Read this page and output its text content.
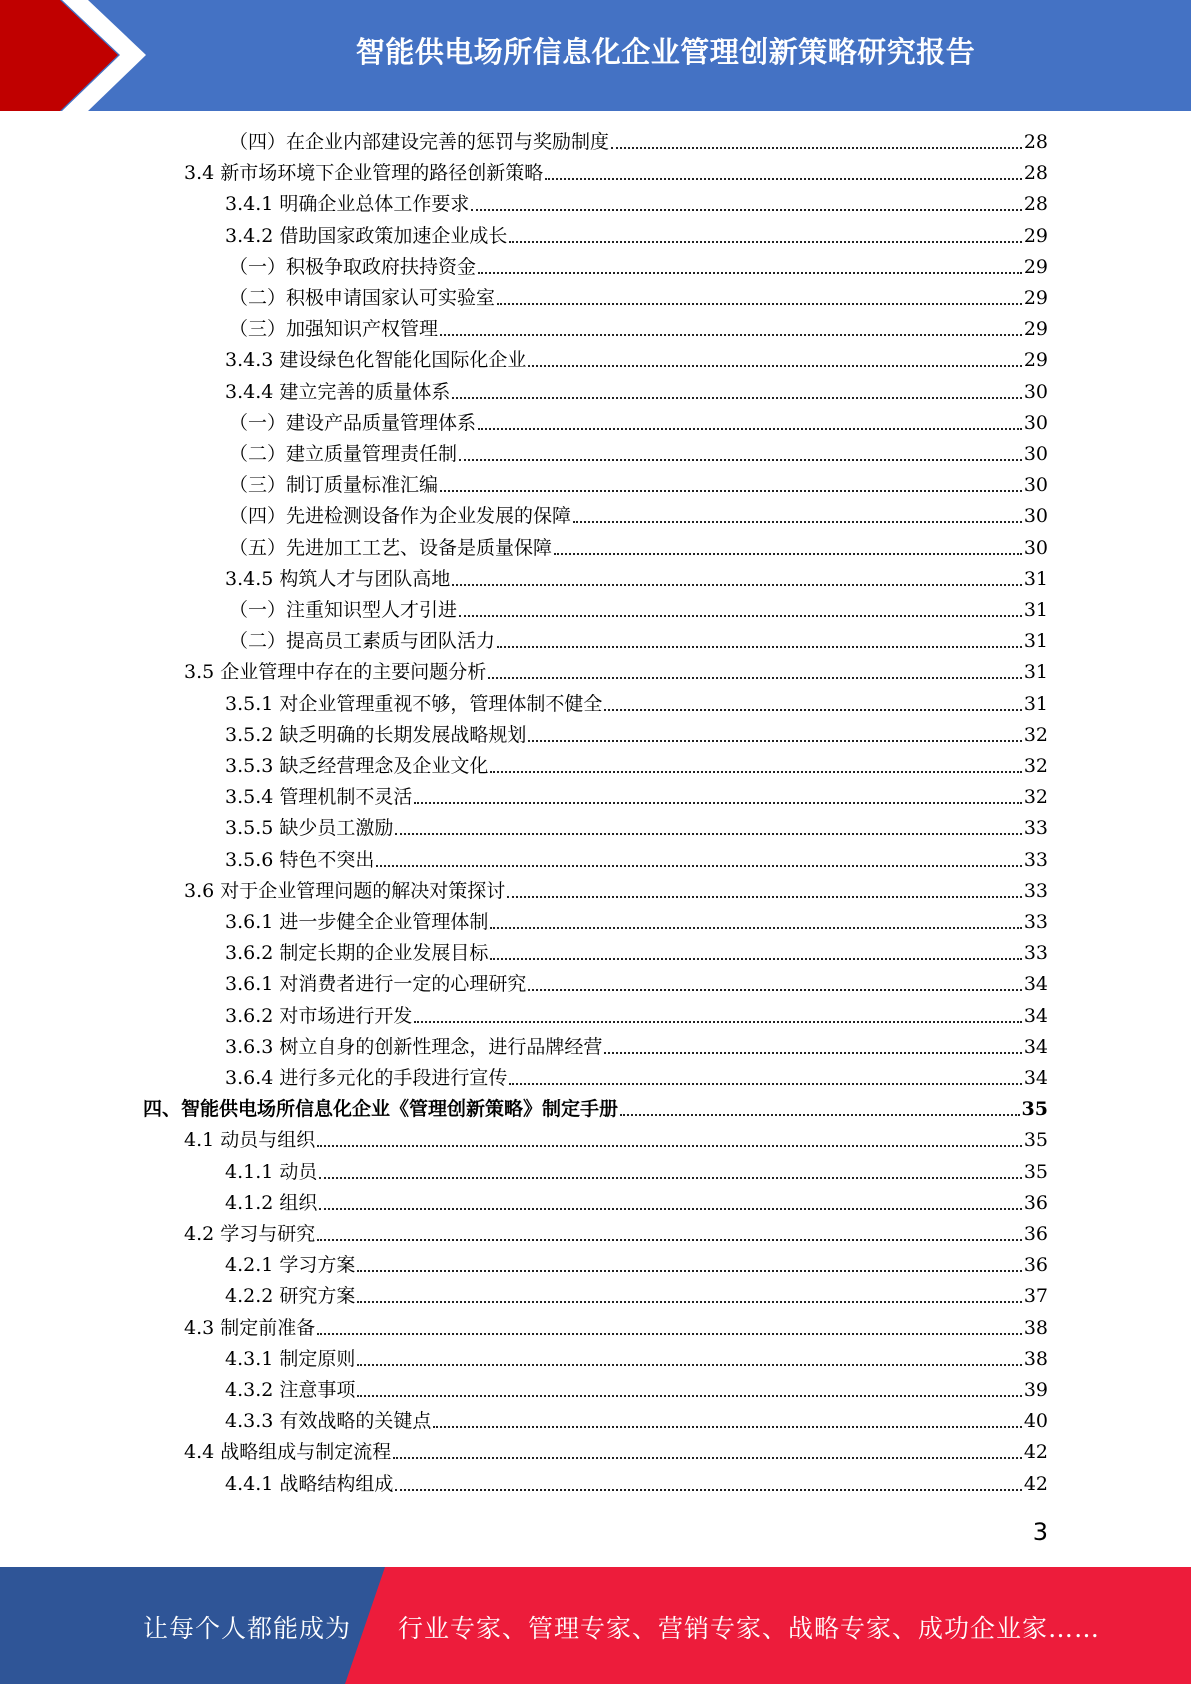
智能供电场所信息化企业管理创新策略研究报告
（四）在企业内部建设完善的惩罚与奖励制度	28
3.4 新市场环境下企业管理的路径创新策略	28
3.4.1 明确企业总体工作要求	28
3.4.2 借助国家政策加速企业成长	29
（一）积极争取政府扶持资金	29
（二）积极申请国家认可实验室	29
（三）加强知识产权管理	29
3.4.3 建设绿色化智能化国际化企业	29
3.4.4 建立完善的质量体系	30
（一）建设产品质量管理体系	30
（二）建立质量管理责任制	30
（三）制订质量标准汇编	30
（四）先进检测设备作为企业发展的保障	30
（五）先进加工工艺、设备是质量保障	30
3.4.5 构筑人才与团队高地	31
（一）注重知识型人才引进	31
（二）提高员工素质与团队活力	31
3.5 企业管理中存在的主要问题分析	31
3.5.1 对企业管理重视不够，管理体制不健全	31
3.5.2 缺乏明确的长期发展战略规划	32
3.5.3 缺乏经营理念及企业文化	32
3.5.4 管理机制不灵活	32
3.5.5 缺少员工激励	33
3.5.6 特色不突出	33
3.6 对于企业管理问题的解决对策探讨	33
3.6.1 进一步健全企业管理体制	33
3.6.2 制定长期的企业发展目标	33
3.6.1 对消费者进行一定的心理研究	34
3.6.2 对市场进行开发	34
3.6.3 树立自身的创新性理念，进行品牌经营	34
3.6.4 进行多元化的手段进行宣传	34
四、智能供电场所信息化企业《管理创新策略》制定手册	35
4.1 动员与组织	35
4.1.1 动员	35
4.1.2 组织	36
4.2 学习与研究	36
4.2.1 学习方案	36
4.2.2 研究方案	37
4.3 制定前准备	38
4.3.1 制定原则	38
4.3.2 注意事项	39
4.3.3 有效战略的关键点	40
4.4 战略组成与制定流程	42
4.4.1 战略结构组成	42
3
让每个人都能成为 行业专家、管理专家、营销专家、战略专家、成功企业家……
